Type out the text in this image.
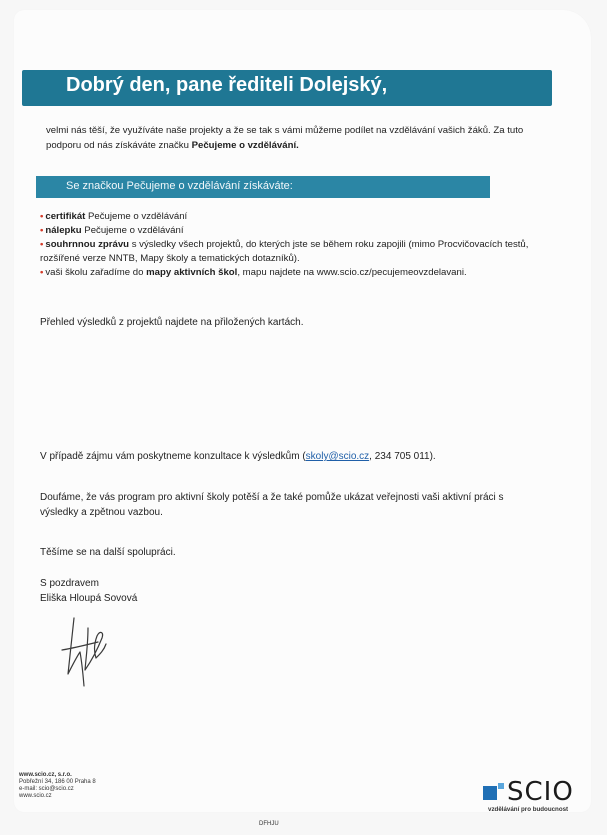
Dobrý den, pane řediteli Dolejský,
velmi nás těší, že využíváte naše projekty a že se tak s vámi můžeme podílet na vzdělávání vašich žáků. Za tuto podporu od nás získáváte značku Pečujeme o vzdělávání.
Se značkou Pečujeme o vzdělávání získáváte:

• certifikát Pečujeme o vzdělávání

• nálepku Pečujeme o vzdělávání

• souhrnnou zprávu s výsledky všech projektů, do kterých jste se během roku zapojili (mimo Procvičovacích testů, rozšířené verze NNTB, Mapy školy a tematických dotazníků).

• vaši školu zařadíme do mapy aktivních škol, mapu najdete na www.scio.cz/pecujemeovzdelavani.

Přehled výsledků z projektů najdete na přiložených kartách.
V případě zájmu vám poskytneme konzultace k výsledkům (skoly@scio.cz, 234 705 011).
Doufáme, že vás program pro aktivní školy potěší a že také pomůže ukázat veřejnosti vaši aktivní práci s výsledky a zpětnou vazbou.
Těšíme se na další spolupráci.
S pozdravem
Eliška Hloupá Sovová
www.scio.cz, s.r.o.
Pobřežní 34, 186 00 Praha 8
e-mail: scio@scio.cz
www.scio.cz	SCIO
vzdělávání pro budoucnost
DFHJU
